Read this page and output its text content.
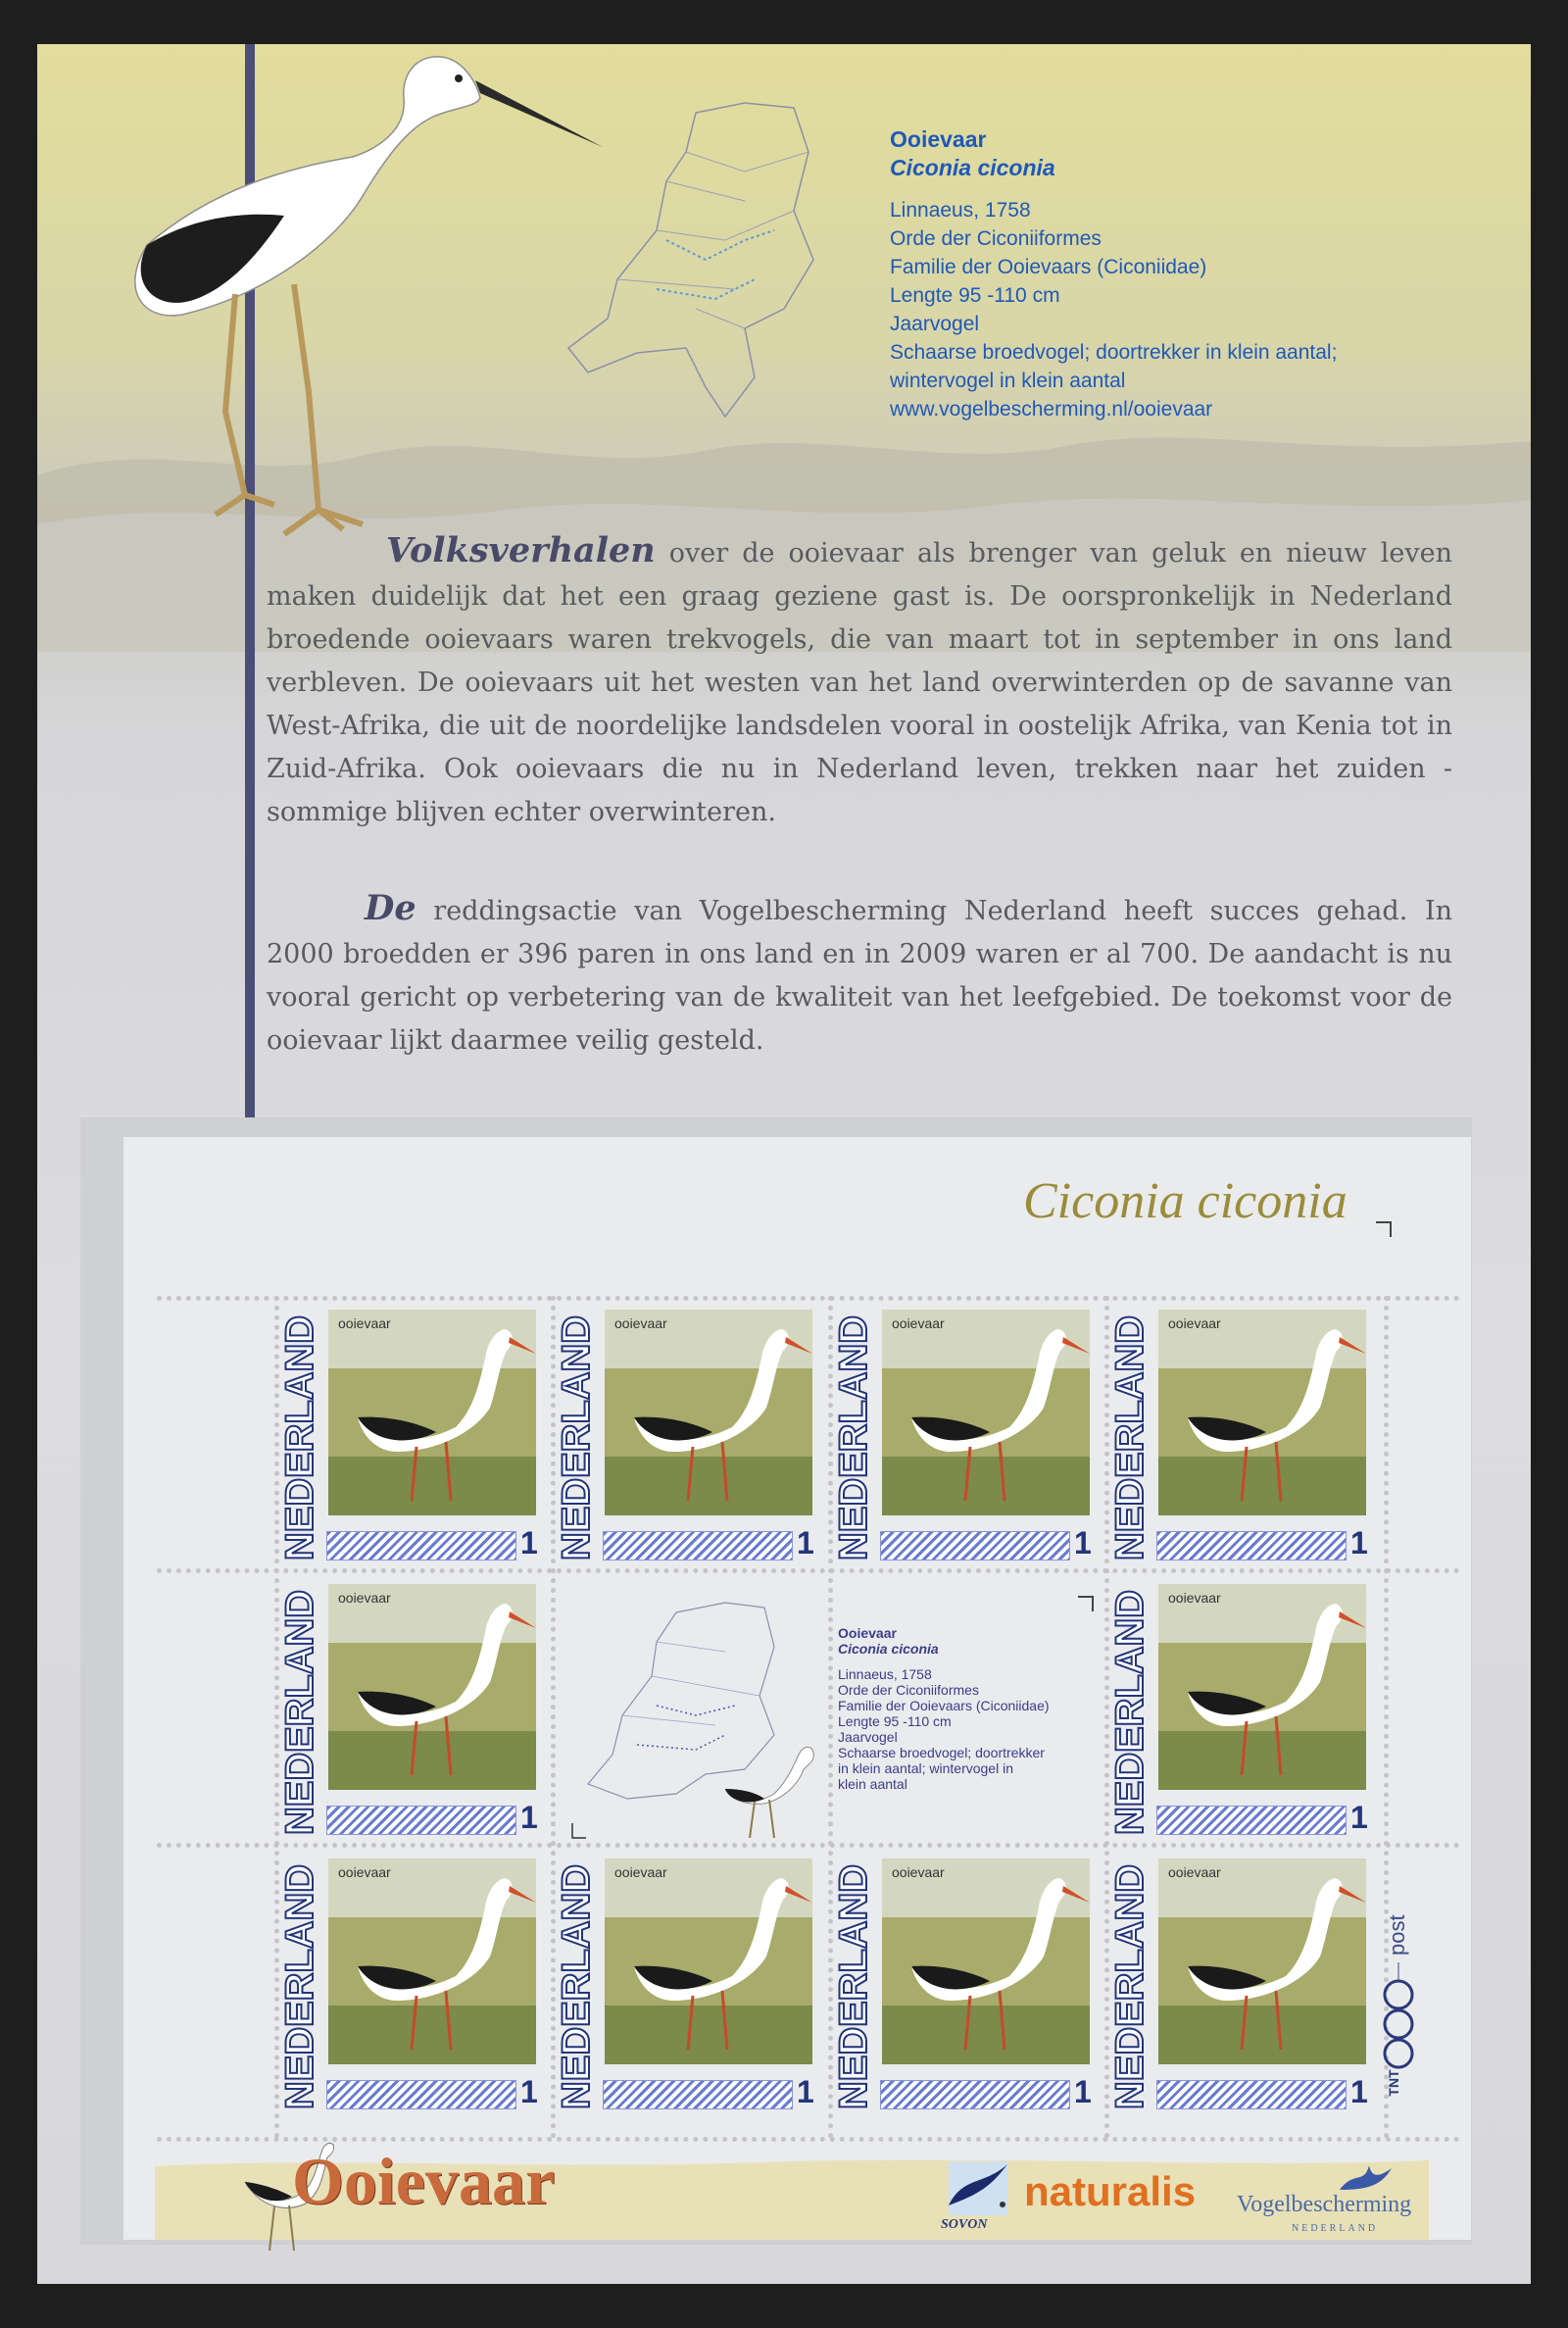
Ooievaar
Ciconia ciconia
Linnaeus, 1758
Orde der Ciconiiformes
Familie der Ooievaars (Ciconiidae)
Lengte 95 -110 cm
Jaarvogel
Schaarse broedvogel; doortrekker in klein aantal;
wintervogel in klein aantal
www.vogelbescherming.nl/ooievaar
Volksverhalen over de ooievaar als brenger van geluk en nieuw leven maken duidelijk dat het een graag geziene gast is. De oorspronkelijk in Nederland broedende ooievaars waren trekvogels, die van maart tot in september in ons land verbleven. De ooievaars uit het westen van het land overwinterden op de savanne van West-Afrika, die uit de noordelijke landsdelen vooral in oostelijk Afrika, van Kenia tot in Zuid-Afrika. Ook ooievaars die nu in Nederland leven, trekken naar het zuiden - sommige blijven echter overwinteren.
De reddingsactie van Vogelbescherming Nederland heeft succes gehad. In 2000 broedden er 396 paren in ons land en in 2009 waren er al 700. De aandacht is nu vooral gericht op verbetering van de kwaliteit van het leefgebied. De toekomst voor de ooievaar lijkt daarmee veilig gesteld.
Ciconia ciconia
NEDERLAND ooievaar
1 NEDERLAND ooievaar
1 NEDERLAND ooievaar
1 NEDERLAND ooievaar
1
NEDERLAND ooievaar
1	NEDERLAND ooievaar
1
NEDERLAND ooievaar
1 NEDERLAND ooievaar
1 NEDERLAND ooievaar
1 NEDERLAND ooievaar
1
Ooievaar
Ciconia ciconia
Linnaeus, 1758
Orde der Ciconiiformes
Familie der Ooievaars (Ciconiidae)
Lengte 95 -110 cm
Jaarvogel
Schaarse broedvogel; doortrekker
in klein aantal; wintervogel in
klein aantal
post
TNT
Ooievaar
SOVON
naturalis Vogelbescherming
NEDERLAND
